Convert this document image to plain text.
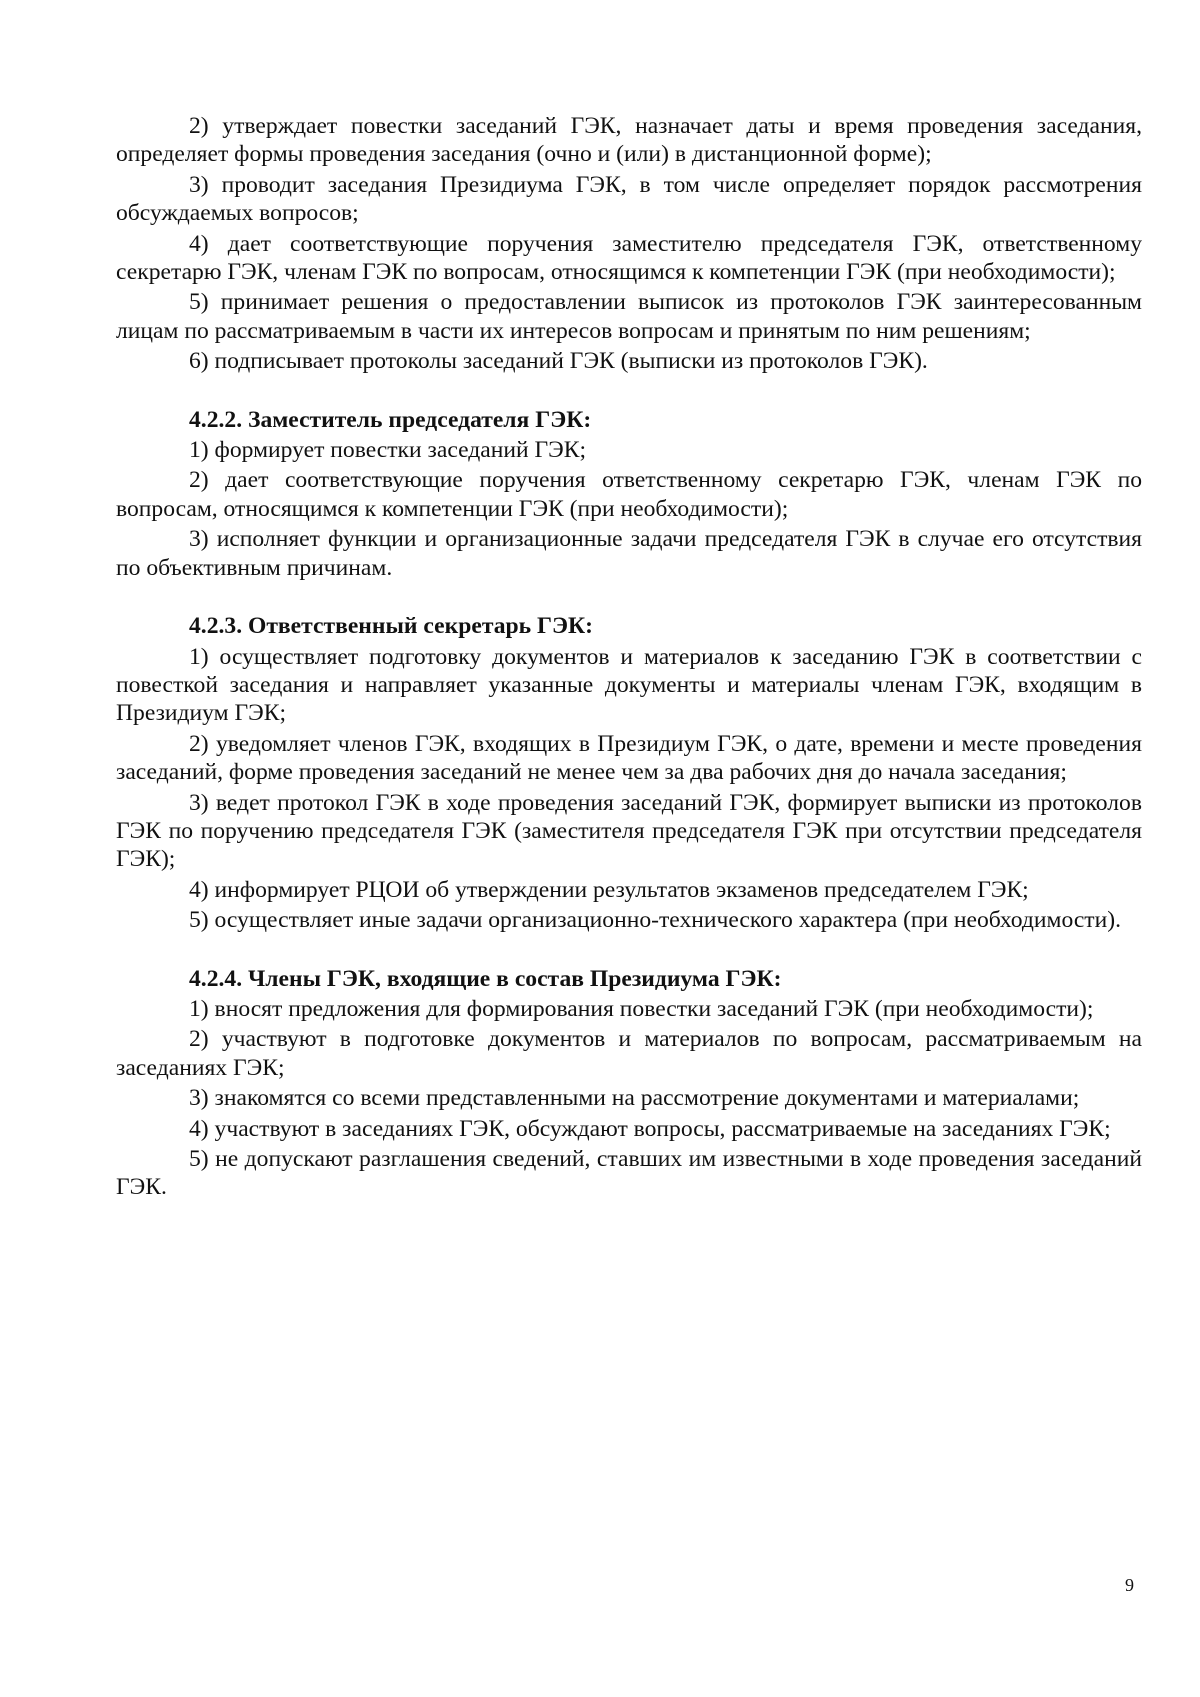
2) утверждает повестки заседаний ГЭК, назначает даты и время проведения заседания, определяет формы проведения заседания (очно и (или) в дистанционной форме);

3) проводит заседания Президиума ГЭК, в том числе определяет порядок рассмотрения обсуждаемых вопросов;

4) дает соответствующие поручения заместителю председателя ГЭК, ответственному секретарю ГЭК, членам ГЭК по вопросам, относящимся к компетенции ГЭК (при необходимости);

5) принимает решения о предоставлении выписок из протоколов ГЭК заинтересованным лицам по рассматриваемым в части их интересов вопросам и принятым по ним решениям;

6) подписывает протоколы заседаний ГЭК (выписки из протоколов ГЭК).

4.2.2. Заместитель председателя ГЭК:

1) формирует повестки заседаний ГЭК;

2) дает соответствующие поручения ответственному секретарю ГЭК, членам ГЭК по вопросам, относящимся к компетенции ГЭК (при необходимости);

3) исполняет функции и организационные задачи председателя ГЭК в случае его отсутствия по объективным причинам.

4.2.3. Ответственный секретарь ГЭК:

1) осуществляет подготовку документов и материалов к заседанию ГЭК в соответствии с повесткой заседания и направляет указанные документы и материалы членам ГЭК, входящим в Президиум ГЭК;

2) уведомляет членов ГЭК, входящих в Президиум ГЭК, о дате, времени и месте проведения заседаний, форме проведения заседаний не менее чем за два рабочих дня до начала заседания;

3) ведет протокол ГЭК в ходе проведения заседаний ГЭК, формирует выписки из протоколов ГЭК по поручению председателя ГЭК (заместителя председателя ГЭК при отсутствии председателя ГЭК);

4) информирует РЦОИ об утверждении результатов экзаменов председателем ГЭК;

5) осуществляет иные задачи организационно-технического характера (при необходимости).

4.2.4. Члены ГЭК, входящие в состав Президиума ГЭК:

1) вносят предложения для формирования повестки заседаний ГЭК (при необходимости);

2) участвуют в подготовке документов и материалов по вопросам, рассматриваемым на заседаниях ГЭК;

3) знакомятся со всеми представленными на рассмотрение документами и материалами;

4) участвуют в заседаниях ГЭК, обсуждают вопросы, рассматриваемые на заседаниях ГЭК;

5) не допускают разглашения сведений, ставших им известными в ходе проведения заседаний ГЭК.

9
